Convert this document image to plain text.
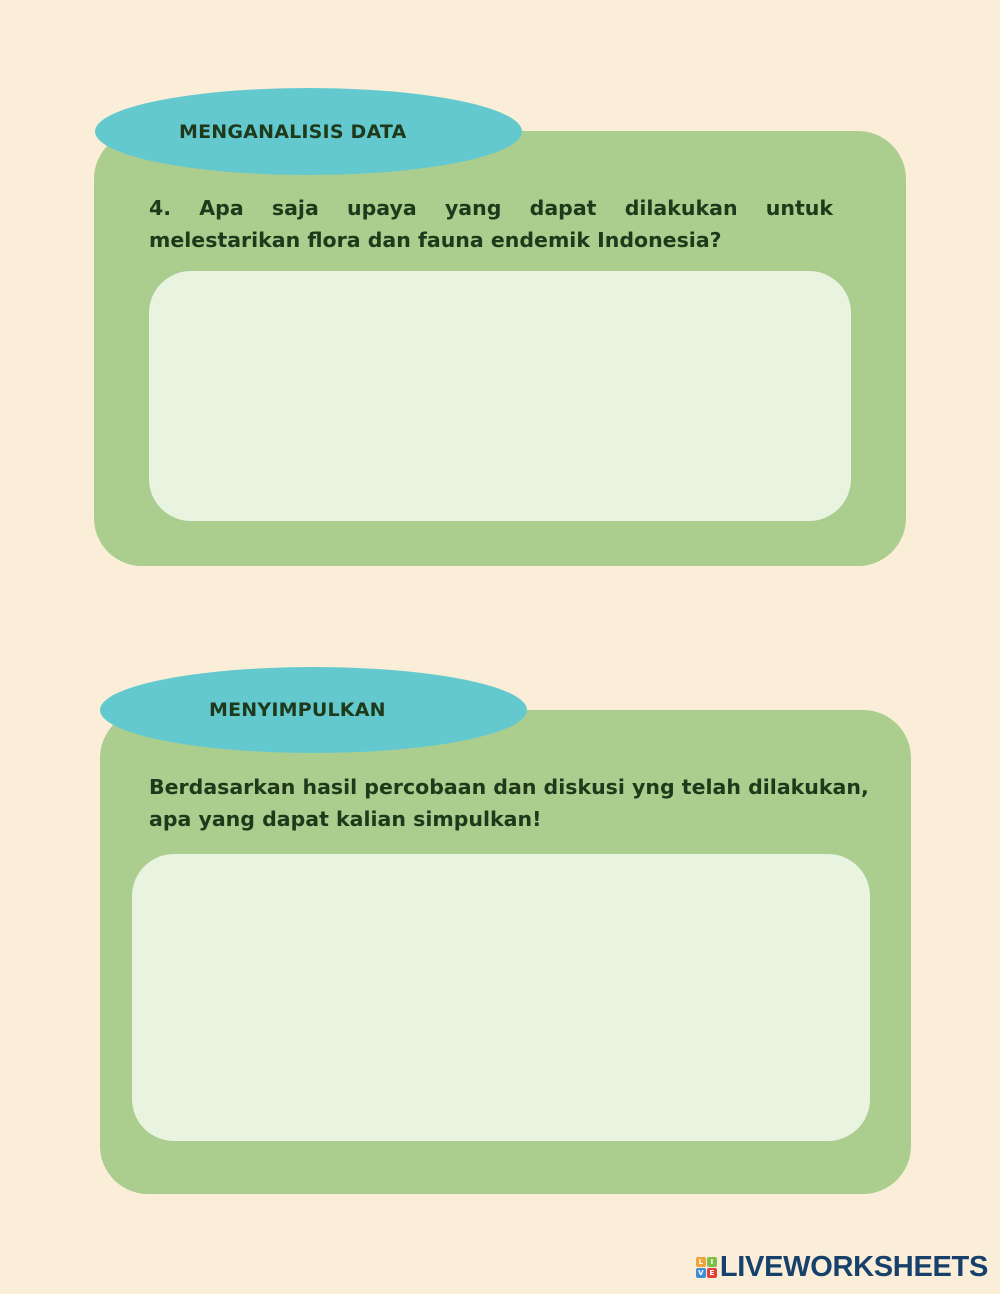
MENGANALISIS DATA

4. Apa saja upaya yang dapat dilakukan untuk melestarikan flora dan fauna endemik Indonesia?

MENYIMPULKAN

Berdasarkan hasil percobaan dan diskusi yng telah dilakukan, apa yang dapat kalian simpulkan!

L	I
V E LIVEWORKSHEETS
